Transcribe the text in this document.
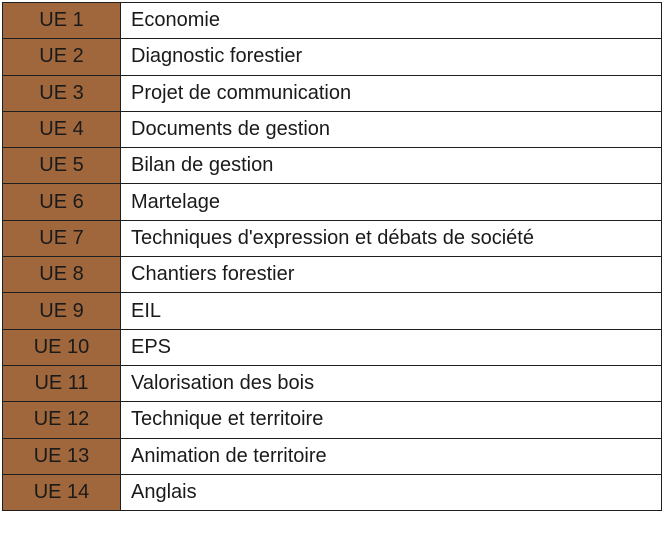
UE 1	Economie
UE 2	Diagnostic forestier
UE 3	Projet de communication
UE 4	Documents de gestion
UE 5	Bilan de gestion
UE 6	Martelage
UE 7	Techniques d'expression et débats de société
UE 8	Chantiers forestier
UE 9	EIL
UE 10	EPS
UE 11	Valorisation des bois
UE 12	Technique et territoire
UE 13	Animation de territoire
UE 14	Anglais
